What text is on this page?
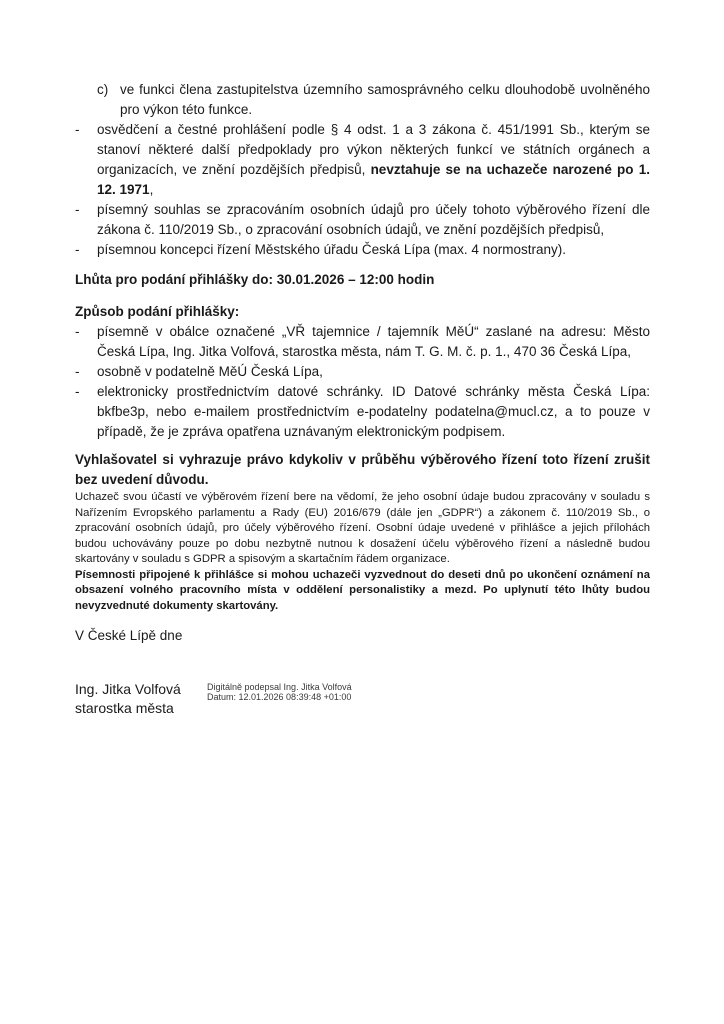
c) ve funkci člena zastupitelstva územního samosprávného celku dlouhodobě uvolněného pro výkon této funkce.
-	osvědčení a čestné prohlášení podle § 4 odst. 1 a 3 zákona č. 451/1991 Sb., kterým se stanoví některé další předpoklady pro výkon některých funkcí ve státních orgánech a organizacích, ve znění pozdějších předpisů, nevztahuje se na uchazeče narozené po 1. 12. 1971,
-	písemný souhlas se zpracováním osobních údajů pro účely tohoto výběrového řízení dle zákona č. 110/2019 Sb., o zpracování osobních údajů, ve znění pozdějších předpisů,
-	písemnou koncepci řízení Městského úřadu Česká Lípa (max. 4 normostrany).
Lhůta pro podání přihlášky do: 30.01.2026 – 12:00 hodin
Způsob podání přihlášky:
-	písemně v obálce označené „VŘ tajemnice / tajemník MěÚ“ zaslané na adresu: Město Česká Lípa, Ing. Jitka Volfová, starostka města, nám T. G. M. č. p. 1., 470 36 Česká Lípa,
-	osobně v podatelně MěÚ Česká Lípa,
-	elektronicky prostřednictvím datové schránky. ID Datové schránky města Česká Lípa: bkfbe3p, nebo e-mailem prostřednictvím e-podatelny podatelna@mucl.cz, a to pouze v případě, že je zpráva opatřena uznávaným elektronickým podpisem.
Vyhlašovatel si vyhrazuje právo kdykoliv v průběhu výběrového řízení toto řízení zrušit bez uvedení důvodu.
Uchazeč svou účastí ve výběrovém řízení bere na vědomí, že jeho osobní údaje budou zpracovány v souladu s Nařízením Evropského parlamentu a Rady (EU) 2016/679 (dále jen „GDPR“) a zákonem č. 110/2019 Sb., o zpracování osobních údajů, pro účely výběrového řízení. Osobní údaje uvedené v přihlášce a jejich přílohách budou uchovávány pouze po dobu nezbytně nutnou k dosažení účelu výběrového řízení a následně budou skartovány v souladu s GDPR a spisovým a skartačním řádem organizace.
Písemnosti připojené k přihlášce si mohou uchazeči vyzvednout do deseti dnů po ukončení oznámení na obsazení volného pracovního místa v oddělení personalistiky a mezd. Po uplynutí této lhůty budou nevyzvednuté dokumenty skartovány.
V České Lípě dne
Ing. Jitka Volfová
starostka města
Digitálně podepsal Ing. Jitka Volfová
Datum: 12.01.2026 08:39:48 +01:00
